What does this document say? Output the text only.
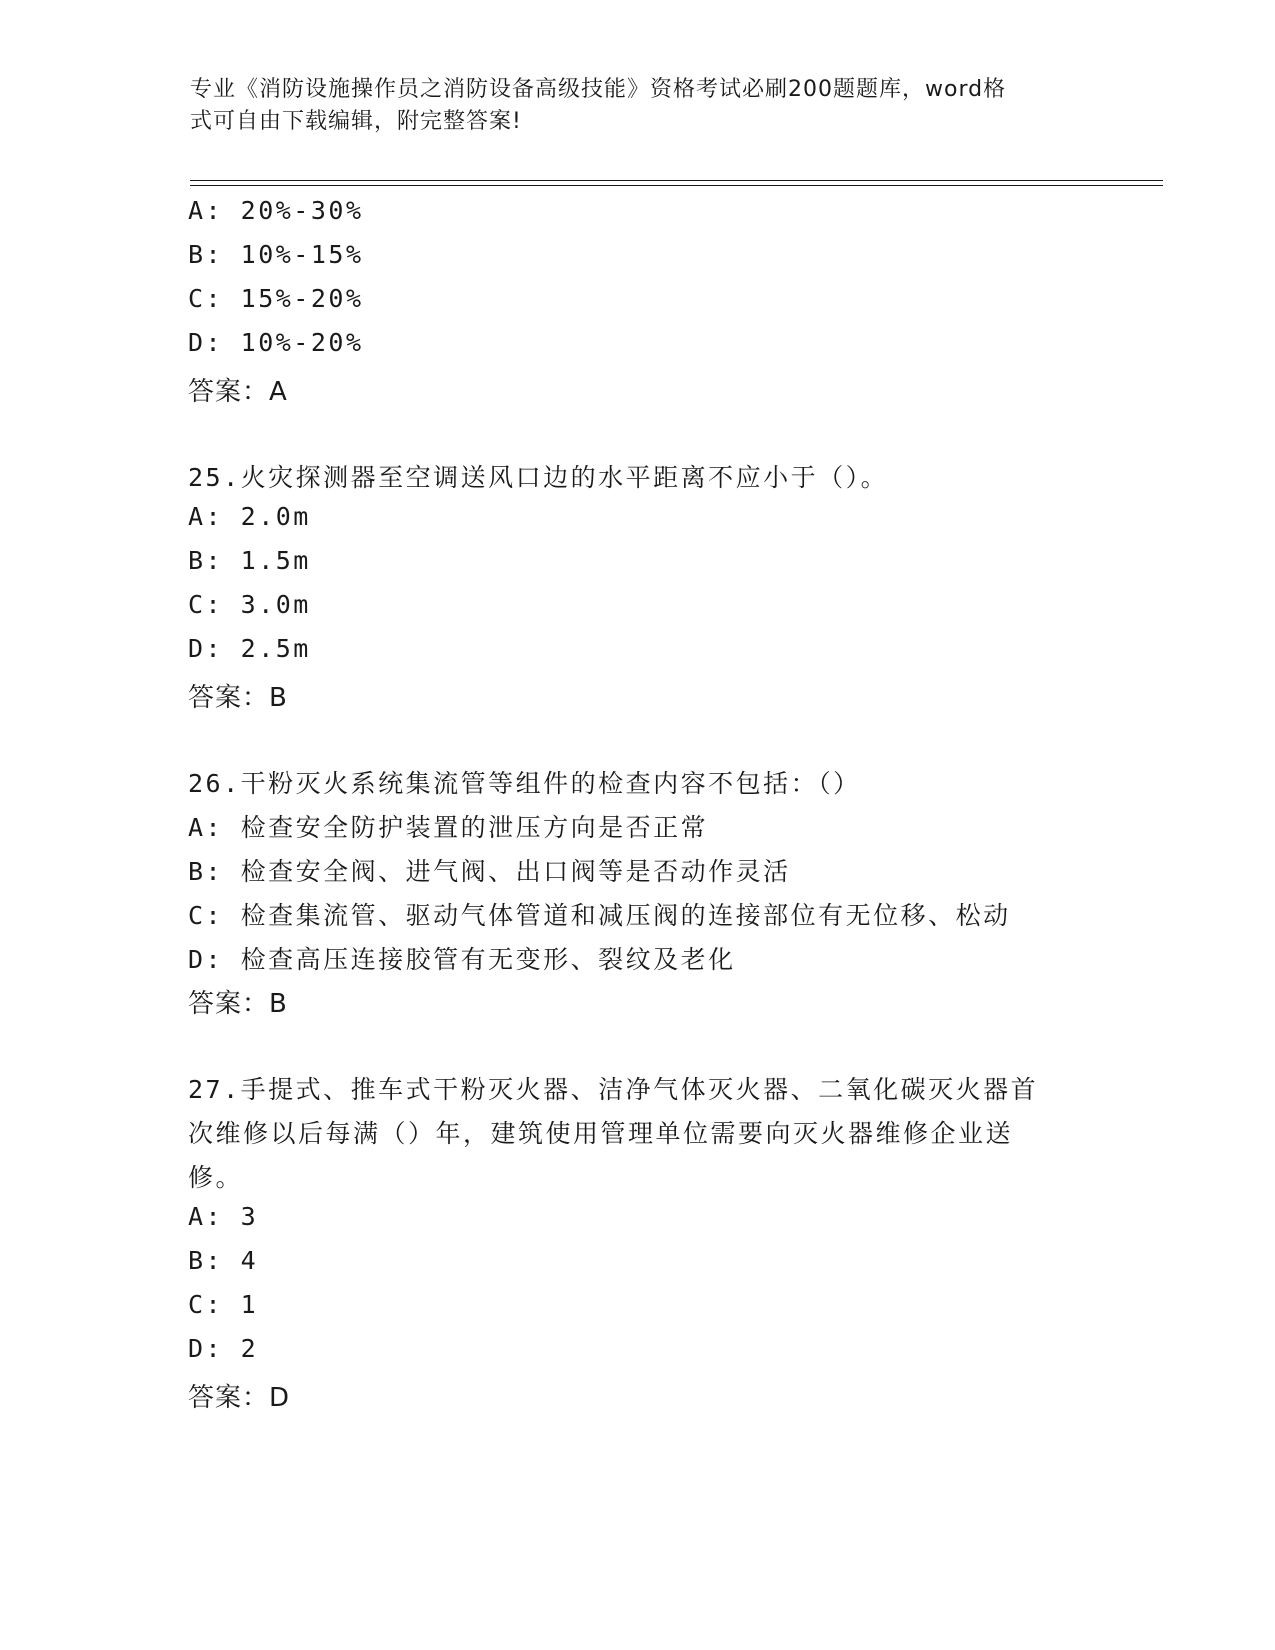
专业《消防设施操作员之消防设备高级技能》资格考试必刷200题题库，word格
式可自由下载编辑，附完整答案!
A: 20%-30%
B: 10%-15%
C: 15%-20%
D: 10%-20%
答案：A
25.火灾探测器至空调送风口边的水平距离不应小于（）。
A: 2.0m
B: 1.5m
C: 3.0m
D: 2.5m
答案：B
26.干粉灭火系统集流管等组件的检查内容不包括：（）
A: 检查安全防护装置的泄压方向是否正常
B: 检查安全阀、进气阀、出口阀等是否动作灵活
C: 检查集流管、驱动气体管道和减压阀的连接部位有无位移、松动
D: 检查高压连接胶管有无变形、裂纹及老化
答案：B
27.手提式、推车式干粉灭火器、洁净气体灭火器、二氧化碳灭火器首
次维修以后每满（）年，建筑使用管理单位需要向灭火器维修企业送
修。
A: 3
B: 4
C: 1
D: 2
答案：D
